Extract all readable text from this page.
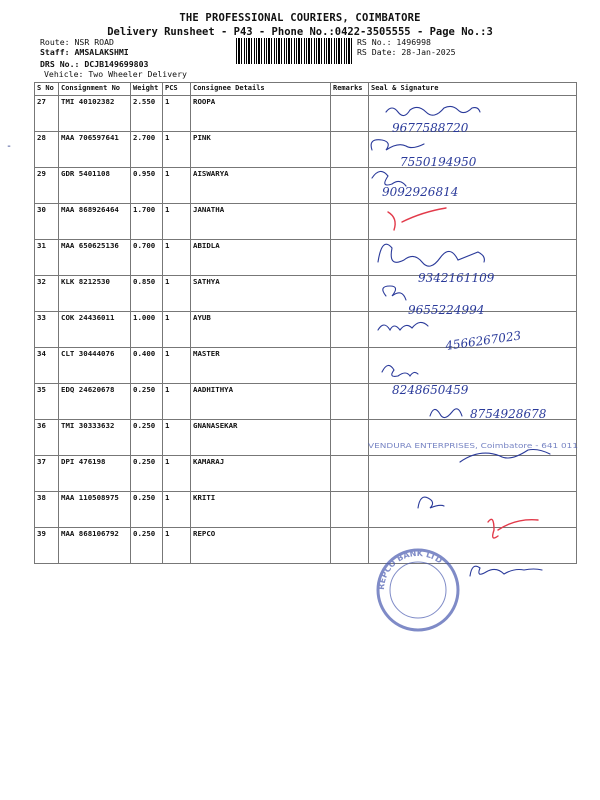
THE PROFESSIONAL COURIERS, COIMBATORE
Delivery Runsheet - P43 - Phone No.:0422-3505555 - Page No.:3
Route: NSR ROAD
Staff: AMSALAKSHMI
DRS No.: DCJB149699803
Vehicle: Two Wheeler Delivery
RS No.: 1496998
RS Date: 28-Jan-2025
‐
S No	Consignment No	Weight	PCS	Consignee Details	Remarks	Seal & Signature
27	TMI 40102382	2.550	1	ROOPA		
28	MAA 706597641	2.700	1	PINK		
29	GDR 5401108	0.950	1	AISWARYA		
30	MAA 868926464	1.700	1	JANATHA		
31	MAA 650625136	0.700	1	ABIDLA		
32	KLK 8212530	0.850	1	SATHYA		
33	COK 24436011	1.000	1	AYUB		
34	CLT 30444076	0.400	1	MASTER		
35	EDQ 24620678	0.250	1	AADHITHYA		
36	TMI 30333632	0.250	1	GNANASEKAR		
37	DPI 476198	0.250	1	KAMARAJ		
38	MAA 110508975	0.250	1	KRITI		
39	MAA 868106792	0.250	1	REPCO		
9677588720
7550194950
9092926814
9342161109
9655224994
4566267023
8248650459
8754928678
VENDURA ENTERPRISES, Coimbatore - 641 011
REPCO BANK LTD
